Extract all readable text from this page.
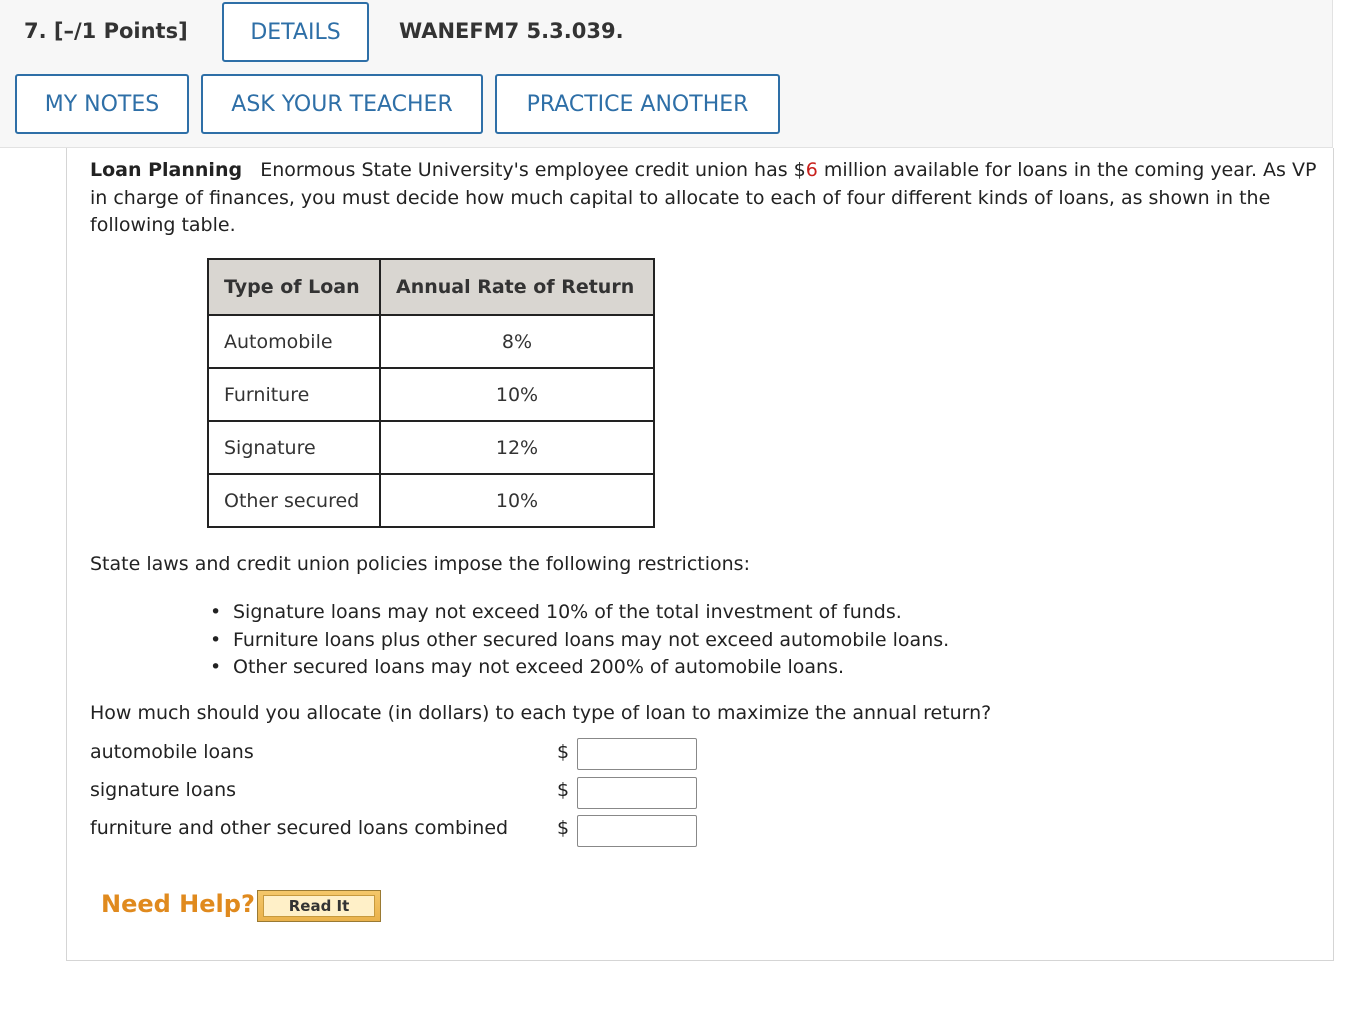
7. [–/1 Points]	DETAILS	WANEFM7 5.3.039.
MY NOTES	ASK YOUR TEACHER	PRACTICE ANOTHER
Loan Planning Enormous State University's employee credit union has $6 million available for loans in the coming year. As VP in charge of finances, you must decide how much capital to allocate to each of four different kinds of loans, as shown in the following table.
Type of Loan	Annual Rate of Return
Automobile	8%
Furniture	10%
Signature	12%
Other secured	10%
State laws and credit union policies impose the following restrictions:
• Signature loans may not exceed 10% of the total investment of funds.
• Furniture loans plus other secured loans may not exceed automobile loans.
• Other secured loans may not exceed 200% of automobile loans.
How much should you allocate (in dollars) to each type of loan to maximize the annual return?
automobile loans	$
signature loans	$
furniture and other secured loans combined	$
Need Help?	Read It
